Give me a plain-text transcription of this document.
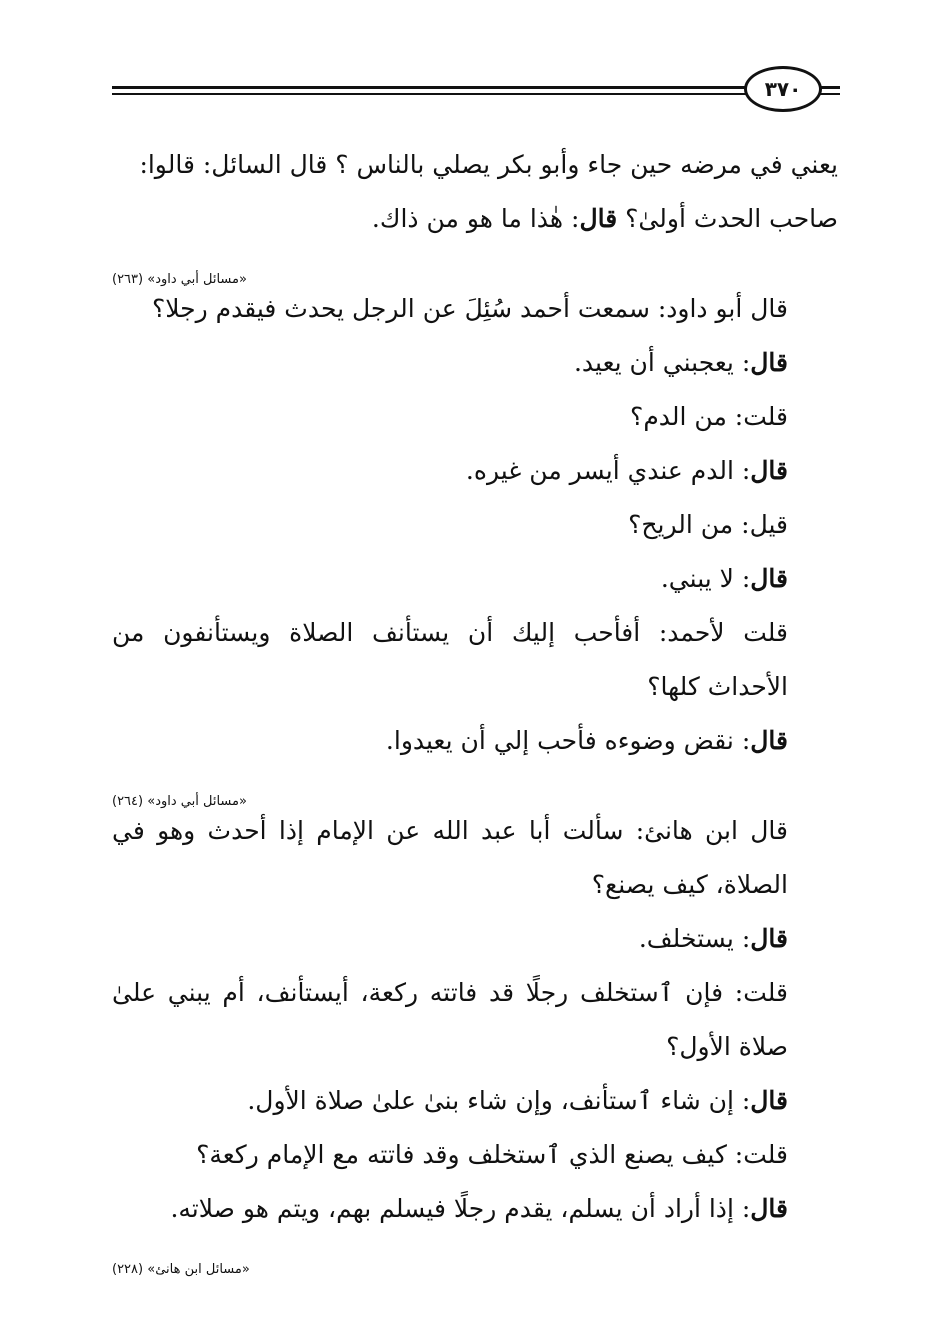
٣٧٠

يعني في مرضه حين جاء وأبو بكر يصلي بالناس ؟ قال السائل: قالوا:

صاحب الحدث أولىٰ؟ قال: هٰذا ما هو من ذاك.

«مسائل أبي داود» (٢٦٣)

قال أبو داود: سمعت أحمد سُئِلَ عن الرجل يحدث فيقدم رجلا؟

قال: يعجبني أن يعيد.

قلت: من الدم؟

قال: الدم عندي أيسر من غيره.

قيل: من الريح؟

قال: لا يبني.

قلت لأحمد: أفأحب إليك أن يستأنف الصلاة ويستأنفون من الأحداث كلها؟

قال: نقض وضوءه فأحب إلي أن يعيدوا.

«مسائل أبي داود» (٢٦٤)

قال ابن هانئ: سألت أبا عبد الله عن الإمام إذا أحدث وهو في الصلاة، كيف يصنع؟

قال: يستخلف.

قلت: فإن ٱستخلف رجلًا قد فاتته ركعة، أيستأنف، أم يبني علىٰ صلاة الأول؟

قال: إن شاء ٱستأنف، وإن شاء بنىٰ علىٰ صلاة الأول.

قلت: كيف يصنع الذي ٱستخلف وقد فاتته مع الإمام ركعة؟

قال: إذا أراد أن يسلم، يقدم رجلًا فيسلم بهم، ويتم هو صلاته.

«مسائل ابن هانئ» (٢٢٨)
